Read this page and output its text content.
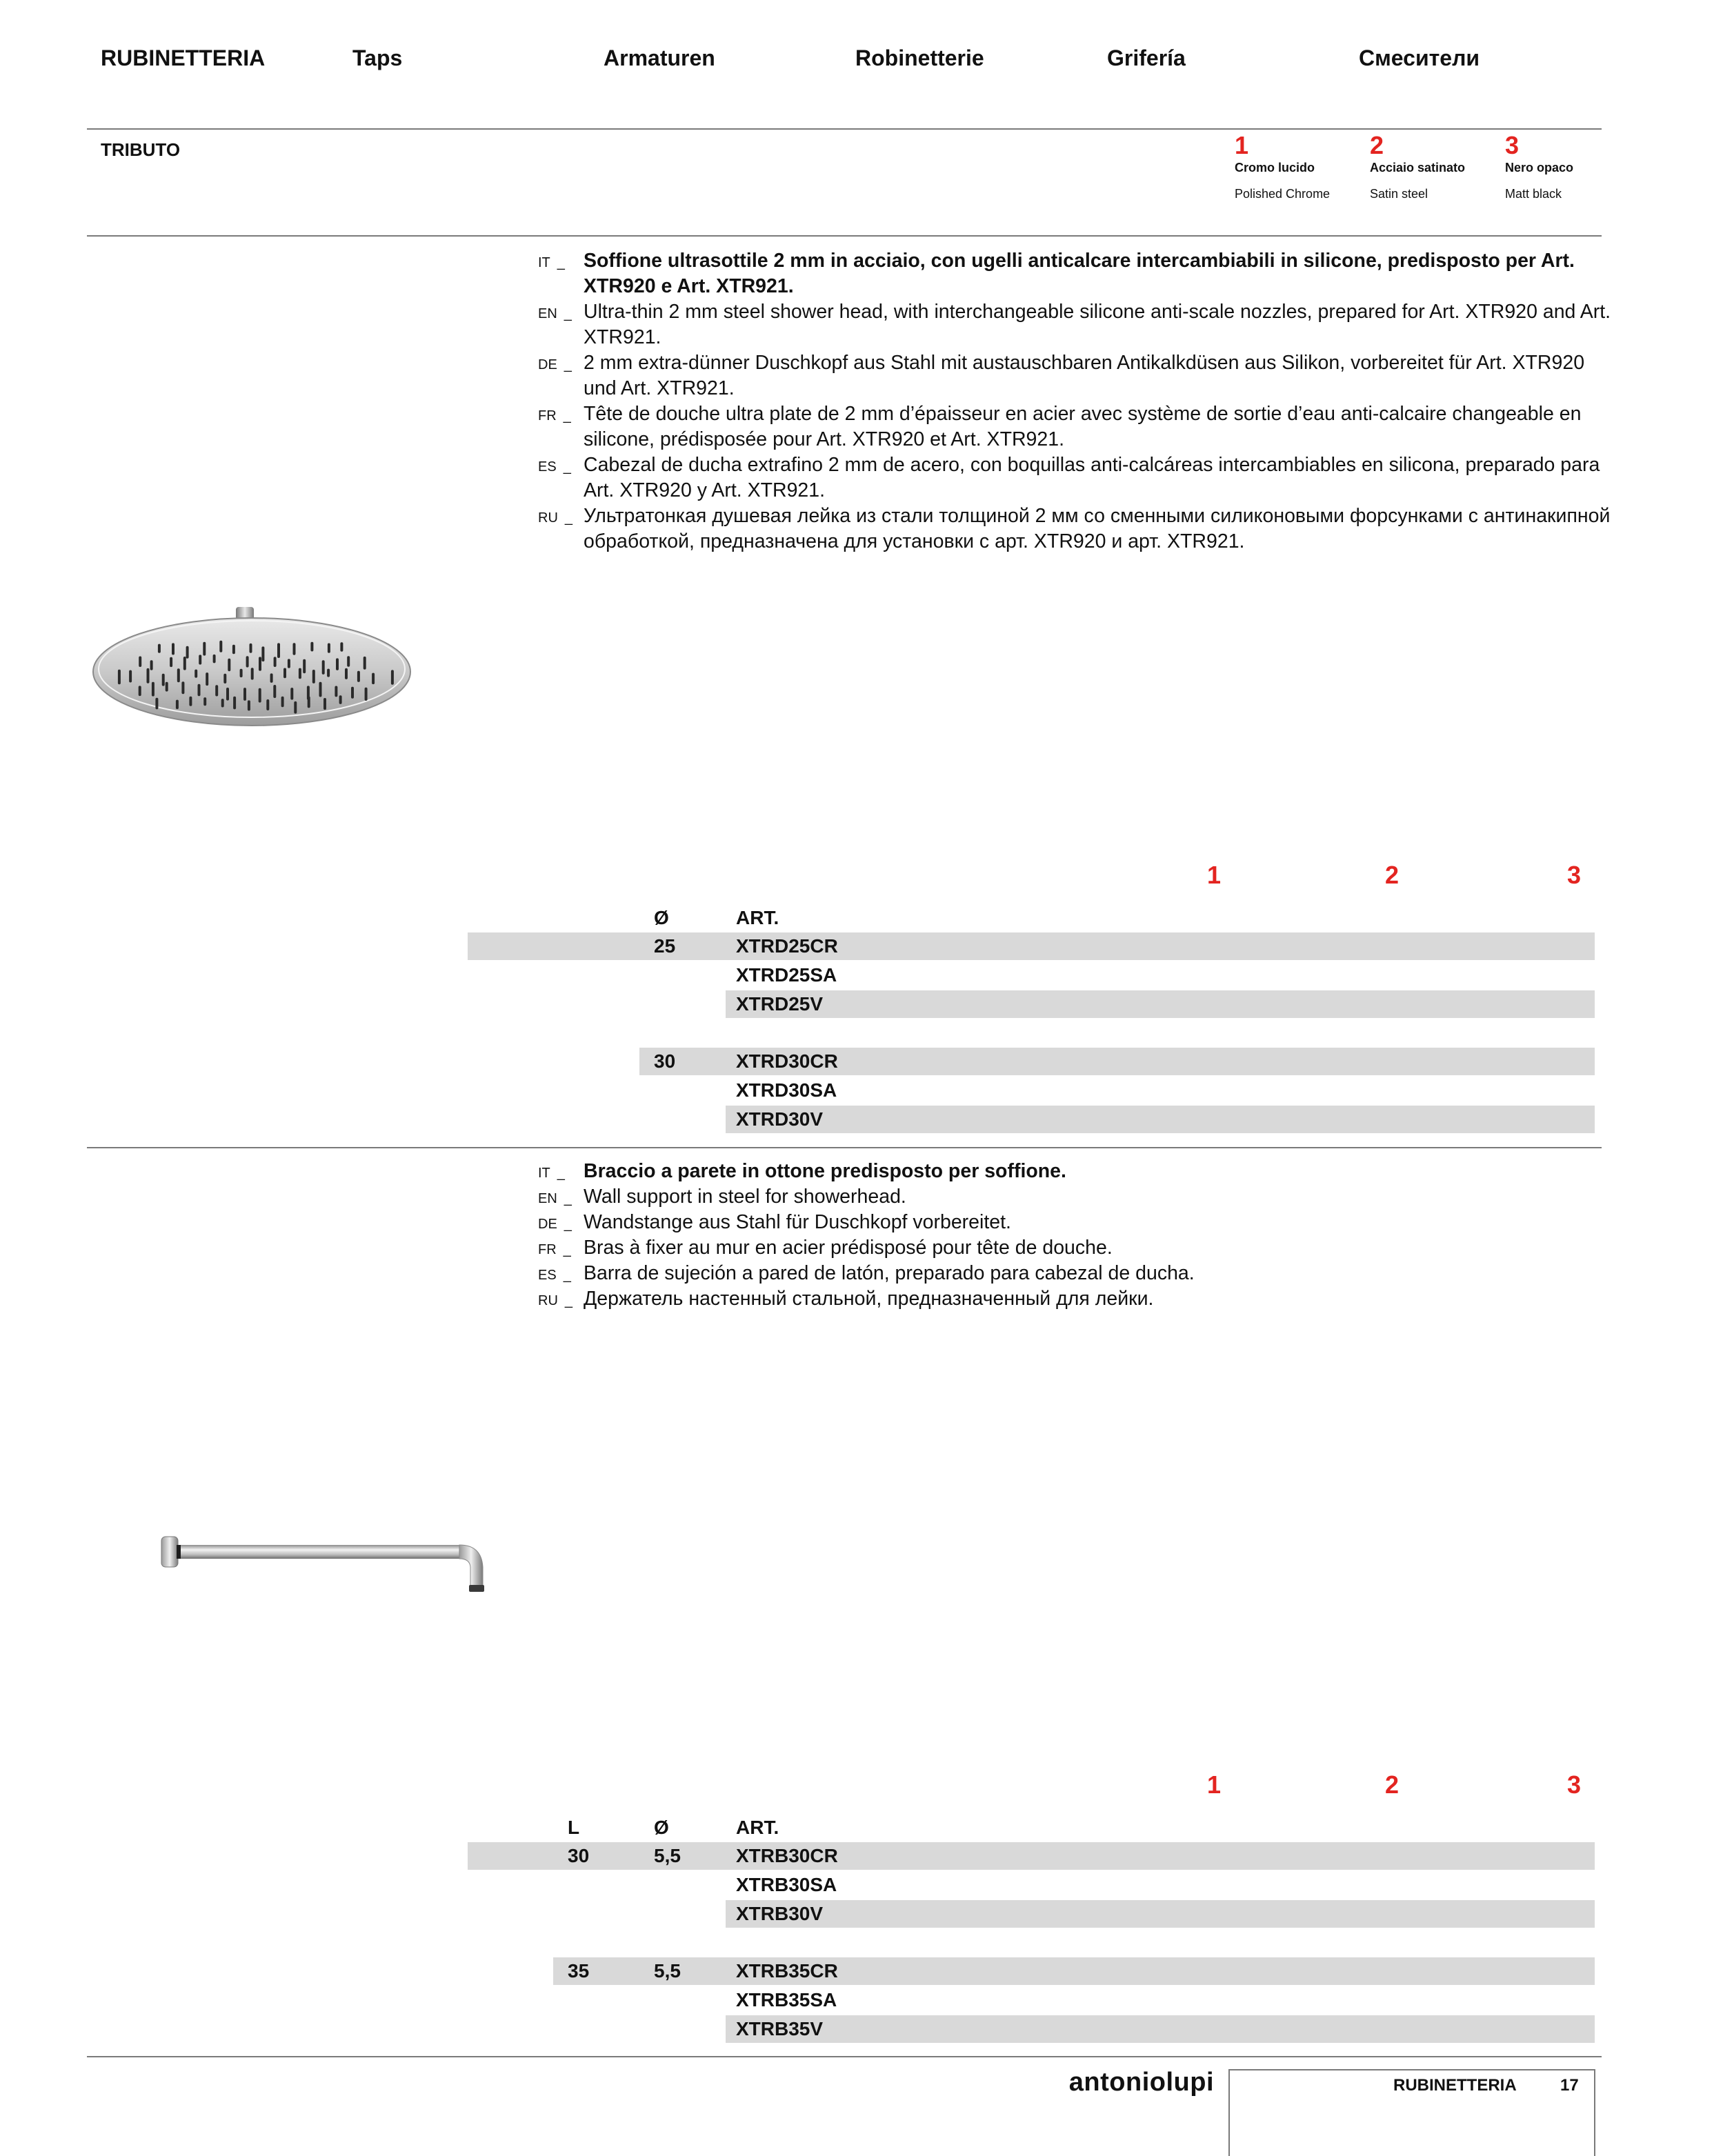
RUBINETTERIA	Taps	Armaturen	Robinetterie	Grifería	Смесители
TRIBUTO	1
Cromo lucido
Polished Chrome
2
Acciaio satinato
Satin steel
3
Nero opaco
Matt black
IT _ Soffione ultrasottile 2 mm in acciaio, con ugelli anticalcare intercambiabili in silicone, predisposto per Art. XTR920 e Art. XTR921.
EN _ Ultra-thin 2 mm steel shower head, with interchangeable silicone anti-scale nozzles, prepared for Art. XTR920 and Art. XTR921.
DE _ 2 mm extra-dünner Duschkopf aus Stahl mit austauschbaren Antikalkdüsen aus Silikon, vorbereitet für Art. XTR920 und Art. XTR921.
FR _ Tête de douche ultra plate de 2 mm d’épaisseur en acier avec système de sortie d’eau anti-calcaire changeable en silicone, prédisposée pour Art. XTR920 et Art. XTR921.
ES _ Cabezal de ducha extrafino 2 mm de acero, con boquillas anti-calcáreas intercambiables en silicona, preparado para Art. XTR920 y Art. XTR921.
RU _ Ультратонкая душевая лейка из стали толщиной 2 мм со сменными силиконовыми форсунками с антинакипной обработкой, предназначена для установки с арт. XTR920 и арт. XTR921.
1	2	3
Ø	ART.
25	XTRD25CR
XTRD25SA
XTRD25V
30	XTRD30CR
XTRD30SA
XTRD30V
IT _ Braccio a parete in ottone predisposto per soffione.
EN _ Wall support in steel for showerhead.
DE _ Wandstange aus Stahl für Duschkopf vorbereitet.
FR _ Bras à fixer au mur en acier prédisposé pour tête de douche.
ES _ Barra de sujeción a pared de latón, preparado para cabezal de ducha.
RU _ Держатель настенный стальной, предназначенный для лейки.
1	2	3
L	Ø	ART.
30	5,5	XTRB30CR
XTRB30SA
XTRB30V
35	5,5	XTRB35CR
XTRB35SA
XTRB35V
antoniolupi	RUBINETTERIA	17
